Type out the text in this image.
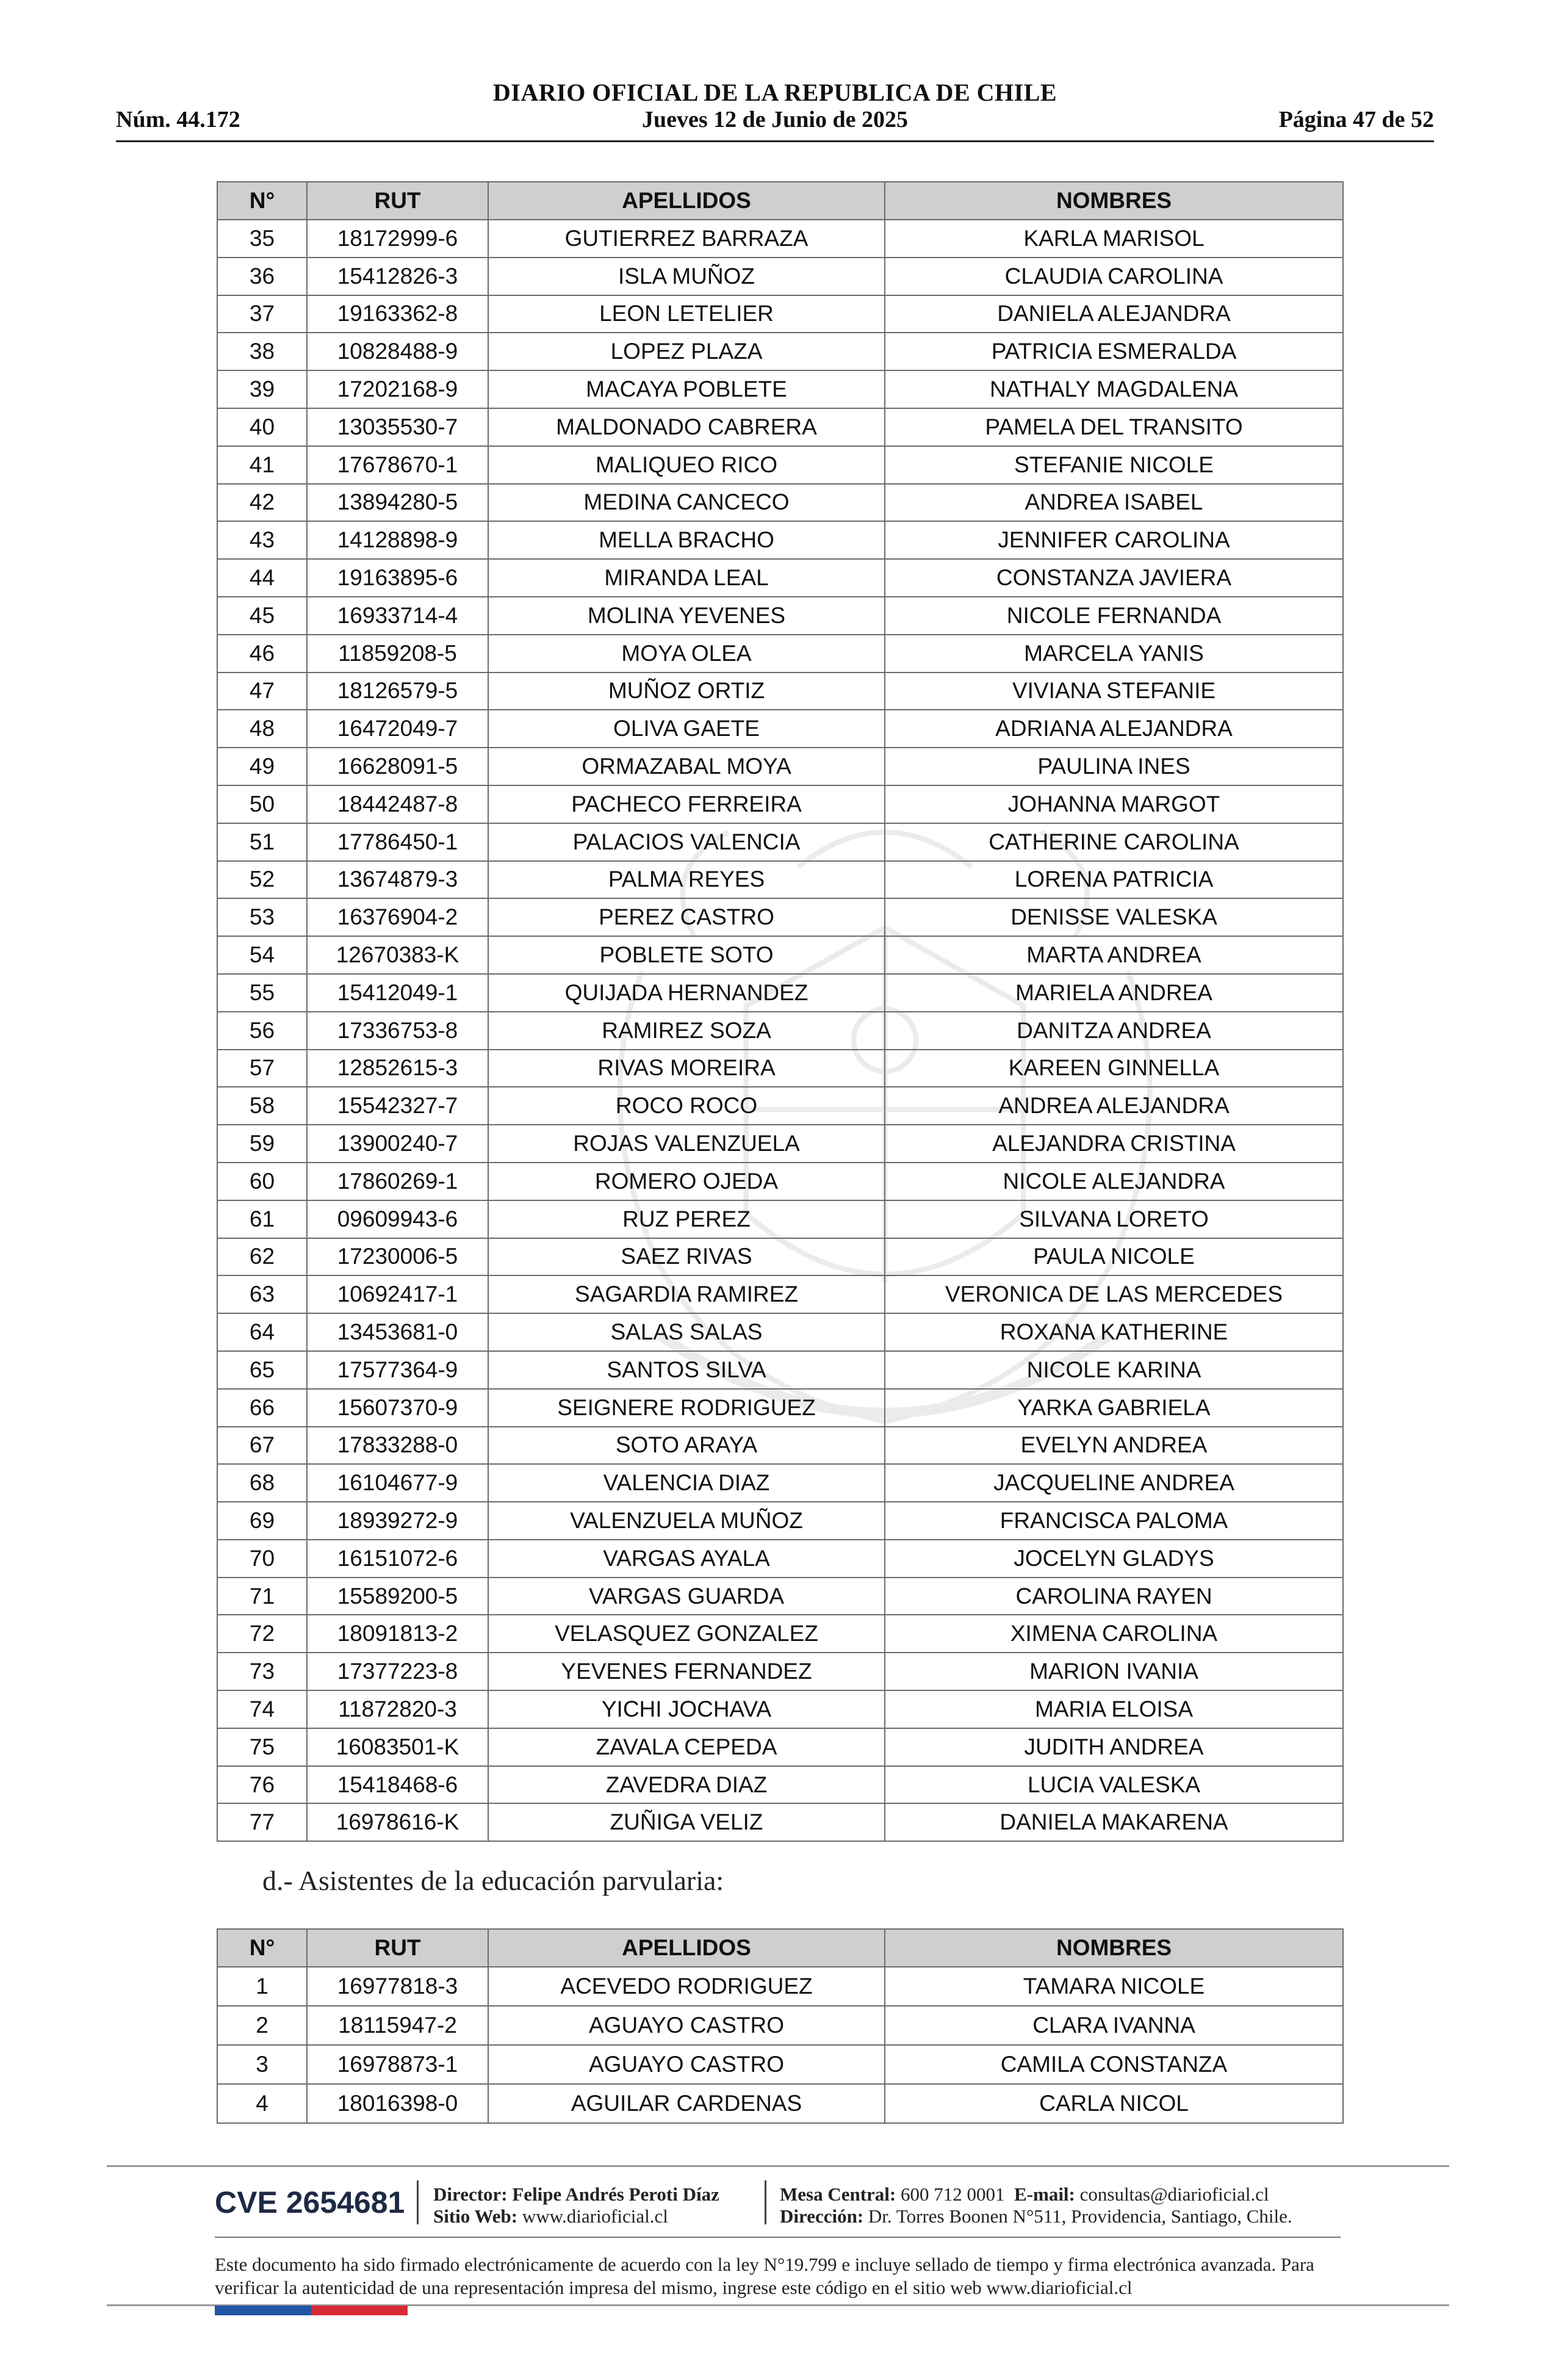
DIARIO OFICIAL DE LA REPUBLICA DE CHILE
Núm. 44.172	Jueves 12 de Junio de 2025	Página 47 de 52
N°	RUT	APELLIDOS	NOMBRES
35	18172999-6	GUTIERREZ BARRAZA	KARLA MARISOL
36	15412826-3	ISLA MUÑOZ	CLAUDIA CAROLINA
37	19163362-8	LEON LETELIER	DANIELA ALEJANDRA
38	10828488-9	LOPEZ PLAZA	PATRICIA ESMERALDA
39	17202168-9	MACAYA POBLETE	NATHALY MAGDALENA
40	13035530-7	MALDONADO CABRERA	PAMELA DEL TRANSITO
41	17678670-1	MALIQUEO RICO	STEFANIE NICOLE
42	13894280-5	MEDINA CANCECO	ANDREA ISABEL
43	14128898-9	MELLA BRACHO	JENNIFER CAROLINA
44	19163895-6	MIRANDA LEAL	CONSTANZA JAVIERA
45	16933714-4	MOLINA YEVENES	NICOLE FERNANDA
46	11859208-5	MOYA OLEA	MARCELA YANIS
47	18126579-5	MUÑOZ ORTIZ	VIVIANA STEFANIE
48	16472049-7	OLIVA GAETE	ADRIANA ALEJANDRA
49	16628091-5	ORMAZABAL MOYA	PAULINA INES
50	18442487-8	PACHECO FERREIRA	JOHANNA MARGOT
51	17786450-1	PALACIOS VALENCIA	CATHERINE CAROLINA
52	13674879-3	PALMA REYES	LORENA PATRICIA
53	16376904-2	PEREZ CASTRO	DENISSE VALESKA
54	12670383-K	POBLETE SOTO	MARTA ANDREA
55	15412049-1	QUIJADA HERNANDEZ	MARIELA ANDREA
56	17336753-8	RAMIREZ SOZA	DANITZA ANDREA
57	12852615-3	RIVAS MOREIRA	KAREEN GINNELLA
58	15542327-7	ROCO ROCO	ANDREA ALEJANDRA
59	13900240-7	ROJAS VALENZUELA	ALEJANDRA CRISTINA
60	17860269-1	ROMERO OJEDA	NICOLE ALEJANDRA
61	09609943-6	RUZ PEREZ	SILVANA LORETO
62	17230006-5	SAEZ RIVAS	PAULA NICOLE
63	10692417-1	SAGARDIA RAMIREZ	VERONICA DE LAS MERCEDES
64	13453681-0	SALAS SALAS	ROXANA KATHERINE
65	17577364-9	SANTOS SILVA	NICOLE KARINA
66	15607370-9	SEIGNERE RODRIGUEZ	YARKA GABRIELA
67	17833288-0	SOTO ARAYA	EVELYN ANDREA
68	16104677-9	VALENCIA DIAZ	JACQUELINE ANDREA
69	18939272-9	VALENZUELA MUÑOZ	FRANCISCA PALOMA
70	16151072-6	VARGAS AYALA	JOCELYN GLADYS
71	15589200-5	VARGAS GUARDA	CAROLINA RAYEN
72	18091813-2	VELASQUEZ GONZALEZ	XIMENA CAROLINA
73	17377223-8	YEVENES FERNANDEZ	MARION IVANIA
74	11872820-3	YICHI JOCHAVA	MARIA ELOISA
75	16083501-K	ZAVALA CEPEDA	JUDITH ANDREA
76	15418468-6	ZAVEDRA DIAZ	LUCIA VALESKA
77	16978616-K	ZUÑIGA VELIZ	DANIELA MAKARENA
d.- Asistentes de la educación parvularia:
N°	RUT	APELLIDOS	NOMBRES
1	16977818-3	ACEVEDO RODRIGUEZ	TAMARA NICOLE
2	18115947-2	AGUAYO CASTRO	CLARA IVANNA
3	16978873-1	AGUAYO CASTRO	CAMILA CONSTANZA
4	18016398-0	AGUILAR CARDENAS	CARLA NICOL
CVE 2654681 Director: Felipe Andrés Peroti Díaz
Sitio Web: www.diarioficial.cl
Mesa Central: 600 712 0001 E-mail: consultas@diarioficial.cl
Dirección: Dr. Torres Boonen N°511, Providencia, Santiago, Chile.
Este documento ha sido firmado electrónicamente de acuerdo con la ley N°19.799 e incluye sellado de tiempo y firma electrónica avanzada. Para verificar la autenticidad de una representación impresa del mismo, ingrese este código en el sitio web www.diarioficial.cl
